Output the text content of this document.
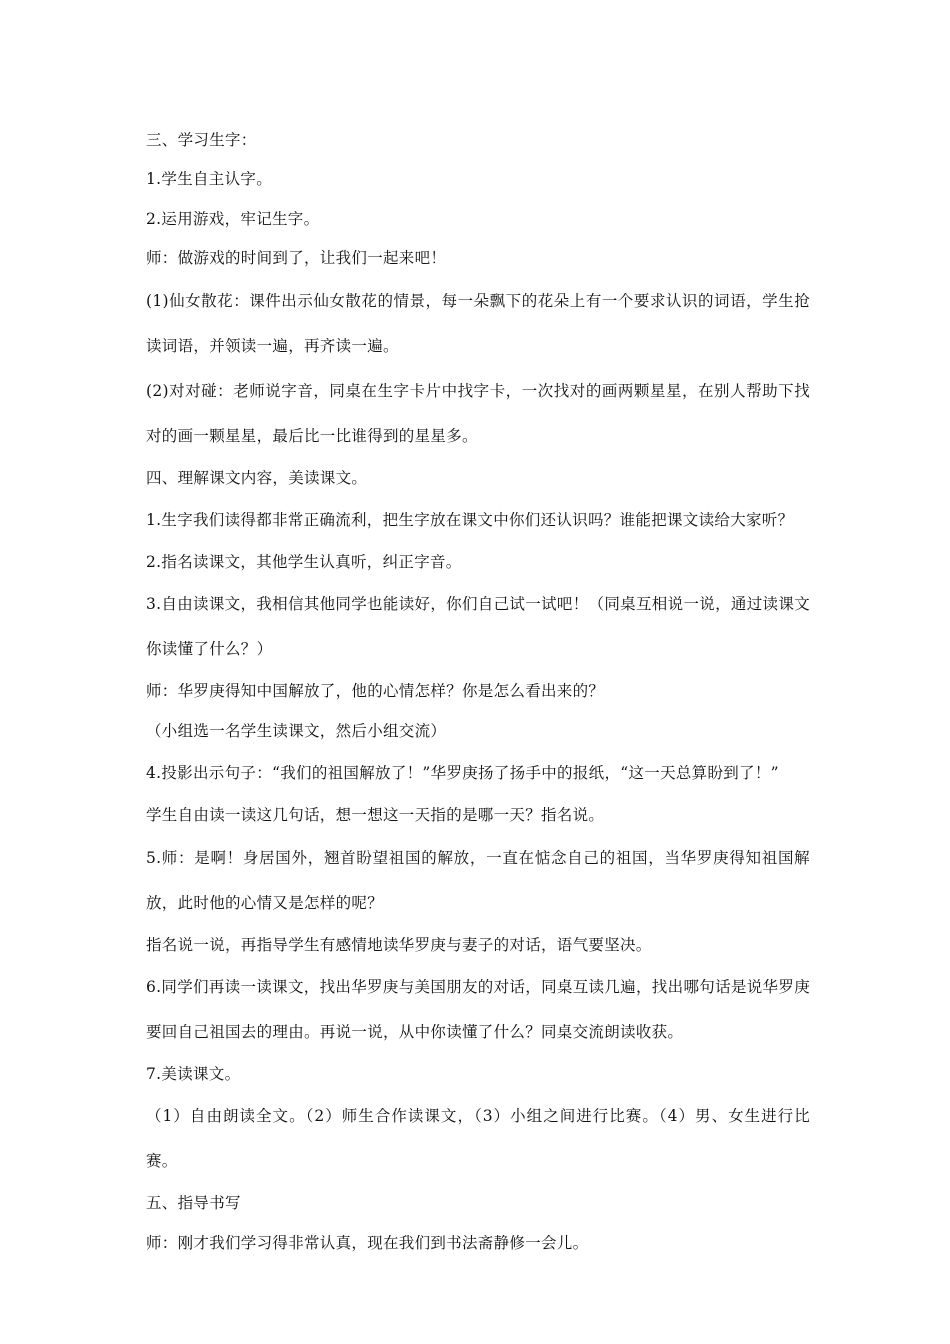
三、学习生字：

1.学生自主认字。

2.运用游戏，牢记生字。

师：做游戏的时间到了，让我们一起来吧！

(1)仙女散花：课件出示仙女散花的情景，每一朵飘下的花朵上有一个要求认识的词语，学生抢读词语，并领读一遍，再齐读一遍。

(2)对对碰：老师说字音，同桌在生字卡片中找字卡，一次找对的画两颗星星，在别人帮助下找对的画一颗星星，最后比一比谁得到的星星多。

四、理解课文内容，美读课文。

1.生字我们读得都非常正确流利，把生字放在课文中你们还认识吗？谁能把课文读给大家听？

2.指名读课文，其他学生认真听，纠正字音。

3.自由读课文，我相信其他同学也能读好，你们自己试一试吧！（同桌互相说一说，通过读课文你读懂了什么？）

师：华罗庚得知中国解放了，他的心情怎样？你是怎么看出来的？

（小组选一名学生读课文，然后小组交流）

4.投影出示句子：“我们的祖国解放了！”华罗庚扬了扬手中的报纸，“这一天总算盼到了！”

学生自由读一读这几句话，想一想这一天指的是哪一天？指名说。

5.师：是啊！身居国外，翘首盼望祖国的解放，一直在惦念自己的祖国，当华罗庚得知祖国解放，此时他的心情又是怎样的呢？

指名说一说，再指导学生有感情地读华罗庚与妻子的对话，语气要坚决。

6.同学们再读一读课文，找出华罗庚与美国朋友的对话，同桌互读几遍，找出哪句话是说华罗庚要回自己祖国去的理由。再说一说，从中你读懂了什么？同桌交流朗读收获。

7.美读课文。

（1）自由朗读全文。（2）师生合作读课文，（3）小组之间进行比赛。（4）男、女生进行比赛。

五、指导书写

师：刚才我们学习得非常认真，现在我们到书法斋静修一会儿。
